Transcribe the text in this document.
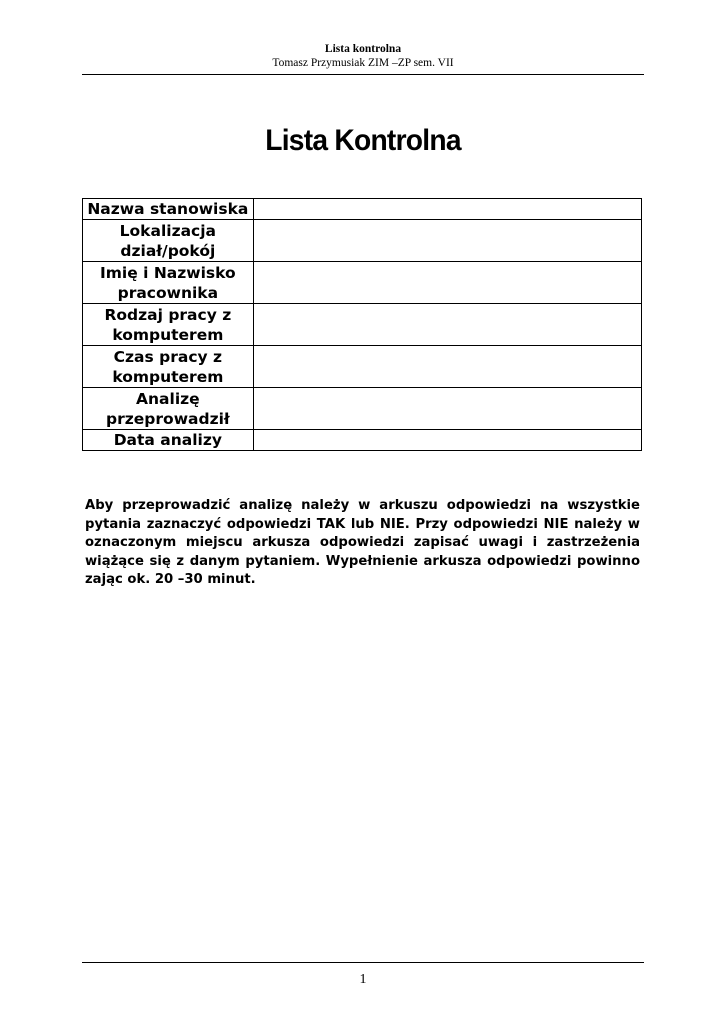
Lista kontrolna
Tomasz Przymusiak ZIM –ZP sem. VII
Lista Kontrolna
Nazwa stanowiska	
Lokalizacja dział/pokój	
Imię i Nazwisko pracownika	
Rodzaj pracy z komputerem	
Czas pracy z komputerem	
Analizę przeprowadził	
Data analizy	

Aby przeprowadzić analizę należy w arkuszu odpowiedzi na wszystkie pytania zaznaczyć odpowiedzi TAK lub NIE. Przy odpowiedzi NIE należy w oznaczonym miejscu arkusza odpowiedzi zapisać uwagi i zastrzeżenia wiążące się z danym pytaniem. Wypełnienie arkusza odpowiedzi powinno zając ok. 20 –30 minut.

1
